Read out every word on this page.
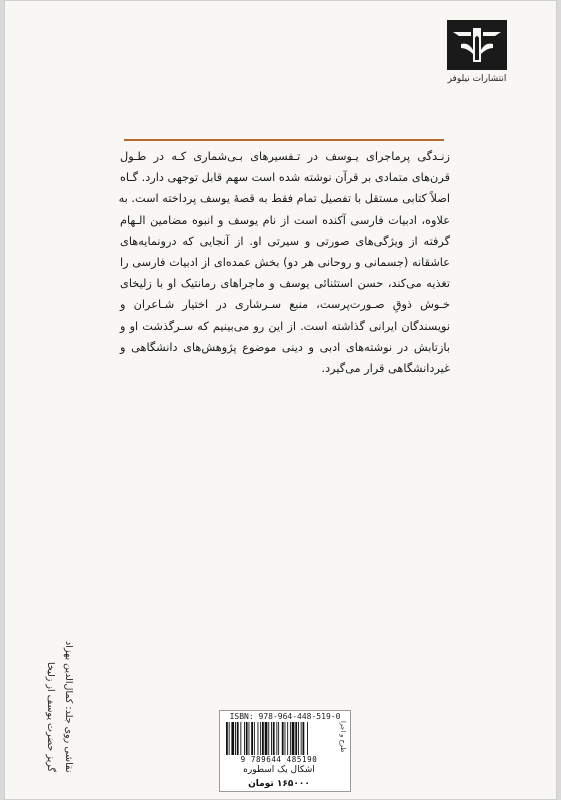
انتشارات نیلوفر
زنـدگی پرماجرای یـوسف در تـفسیرهای بـی‌شماری کـه در طـول
قرن‌های متمادی بر قرآن نوشته شده است سهم قابل توجهی دارد. گـاه
اصلاً کتابی مستقل با تفصیل تمام فقط به قصهٔ یوسف پرداخته است. به
علاوه، ادبیات فارسی آکنده است از نام یوسف و انبوه مضامین الـهام
گرفته از ویژگی‌های صورتی و سیرتی او. از آنجایی که درونمایه‌های
عاشقانه (جسمانی و روحانی هر دو) بخش عمده‌ای از ادبیات فارسی را
تغذیه می‌کند، حسن استثنائی یوسف و ماجراهای رمانتیک او با زلیخای
خـوش ذوقِ صـورت‌پرست، منبع سـرشاری در اختیار شـاعران و
نویسندگان ایرانی گذاشته است. از این رو می‌بینیم که سـرگذشت او و
بازتابش در نوشته‌های ادبی و دینی موضوع پژوهش‌های دانشگاهی و
غیردانشگاهی قرار می‌گیرد.
نقاشی روی جلد: کمال‌الدین بهزاد
گریز حضرت یوسف از زلیخا	ISBN: 978-964-448-519-0
9 789644 485190
طرح و اجرا
اشکال یک اسطوره
۱۶۵۰۰۰ تومان
